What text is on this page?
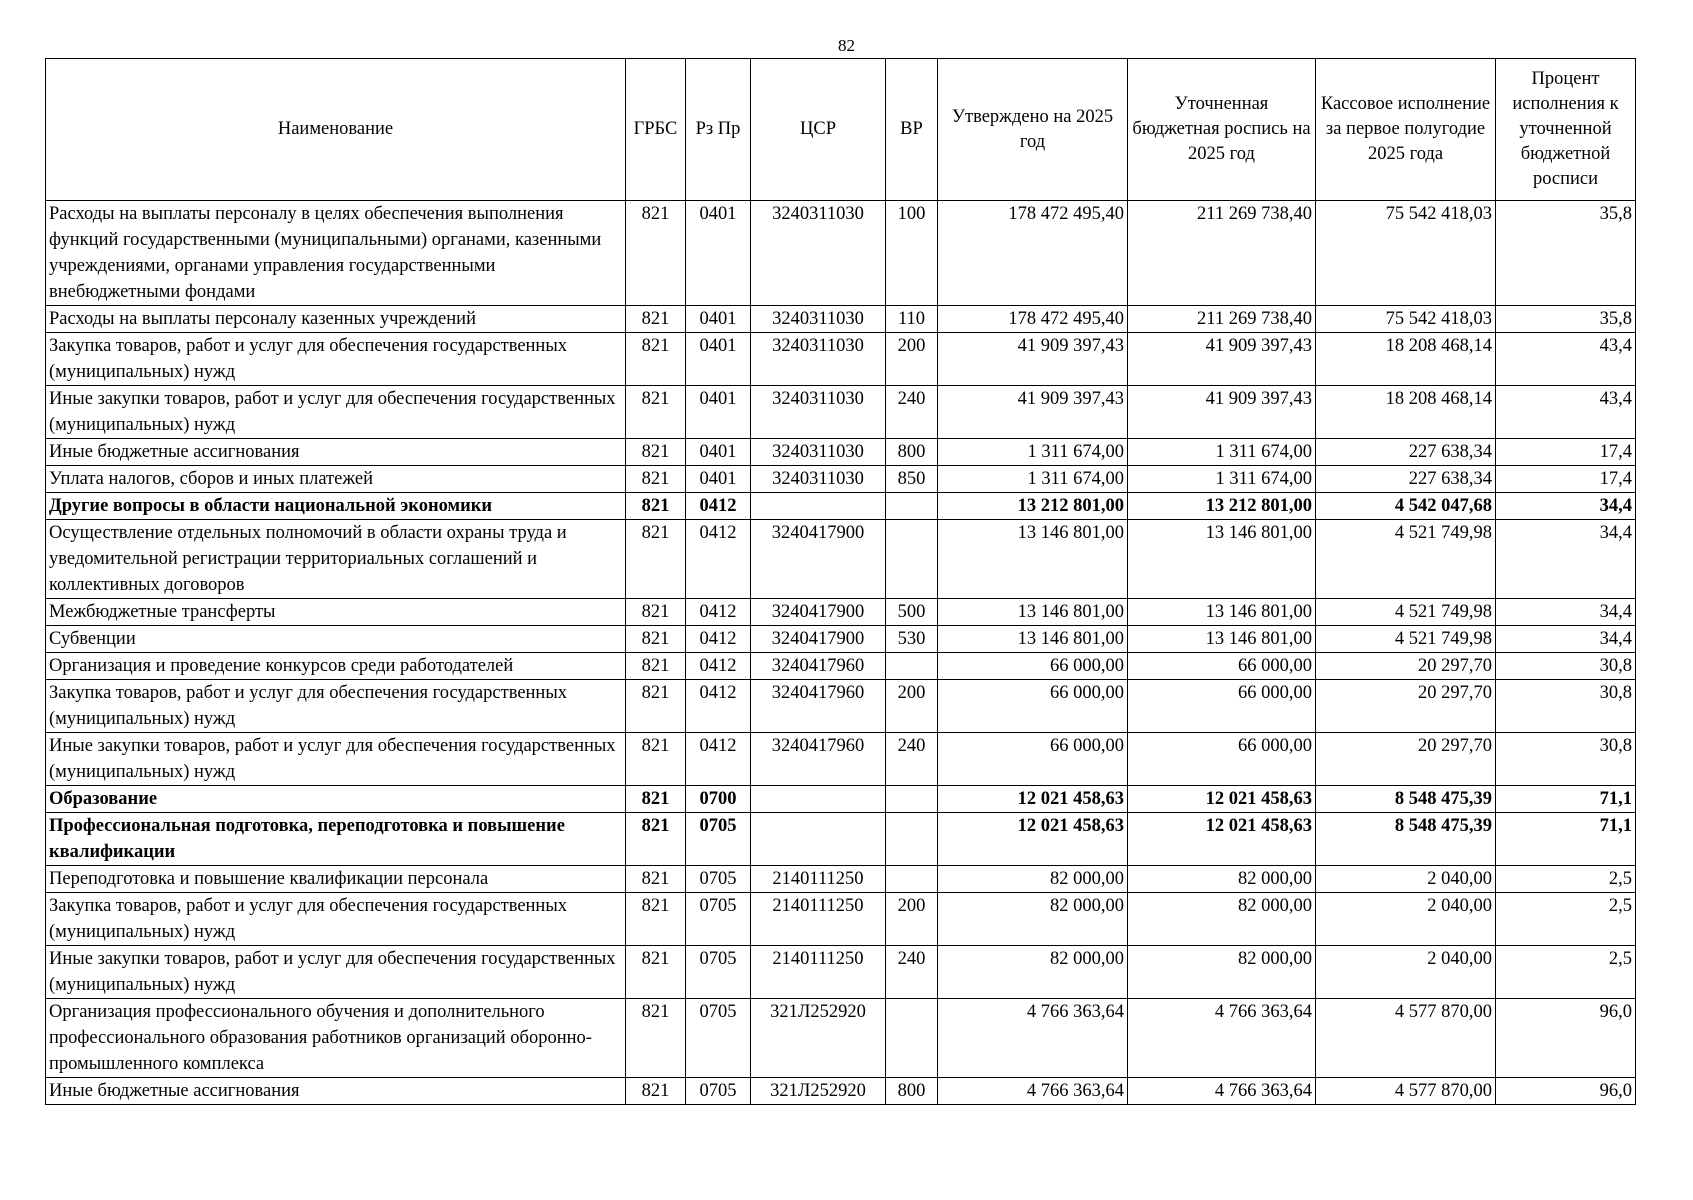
82
Наименование	ГРБС	Рз Пр	ЦСР	ВР	Утверждено на 2025 год	Уточненная бюджетная роспись на 2025 год	Кассовое исполнение за первое полугодие 2025 года	Процент исполнения к уточненной бюджетной росписи
Расходы на выплаты персоналу в целях обеспечения выполнения функций государственными (муниципальными) органами, казенными учреждениями, органами управления государственными внебюджетными фондами	821	0401	3240311030	100	178 472 495,40	211 269 738,40	75 542 418,03	35,8
Расходы на выплаты персоналу казенных учреждений	821	0401	3240311030	110	178 472 495,40	211 269 738,40	75 542 418,03	35,8
Закупка товаров, работ и услуг для обеспечения государственных (муниципальных) нужд	821	0401	3240311030	200	41 909 397,43	41 909 397,43	18 208 468,14	43,4
Иные закупки товаров, работ и услуг для обеспечения государственных (муниципальных) нужд	821	0401	3240311030	240	41 909 397,43	41 909 397,43	18 208 468,14	43,4
Иные бюджетные ассигнования	821	0401	3240311030	800	1 311 674,00	1 311 674,00	227 638,34	17,4
Уплата налогов, сборов и иных платежей	821	0401	3240311030	850	1 311 674,00	1 311 674,00	227 638,34	17,4
Другие вопросы в области национальной экономики	821	0412			13 212 801,00	13 212 801,00	4 542 047,68	34,4
Осуществление отдельных полномочий в области охраны труда и уведомительной регистрации территориальных соглашений и коллективных договоров	821	0412	3240417900		13 146 801,00	13 146 801,00	4 521 749,98	34,4
Межбюджетные трансферты	821	0412	3240417900	500	13 146 801,00	13 146 801,00	4 521 749,98	34,4
Субвенции	821	0412	3240417900	530	13 146 801,00	13 146 801,00	4 521 749,98	34,4
Организация и проведение конкурсов среди работодателей	821	0412	3240417960		66 000,00	66 000,00	20 297,70	30,8
Закупка товаров, работ и услуг для обеспечения государственных (муниципальных) нужд	821	0412	3240417960	200	66 000,00	66 000,00	20 297,70	30,8
Иные закупки товаров, работ и услуг для обеспечения государственных (муниципальных) нужд	821	0412	3240417960	240	66 000,00	66 000,00	20 297,70	30,8
Образование	821	0700			12 021 458,63	12 021 458,63	8 548 475,39	71,1
Профессиональная подготовка, переподготовка и повышение квалификации	821	0705			12 021 458,63	12 021 458,63	8 548 475,39	71,1
Переподготовка и повышение квалификации персонала	821	0705	2140111250		82 000,00	82 000,00	2 040,00	2,5
Закупка товаров, работ и услуг для обеспечения государственных (муниципальных) нужд	821	0705	2140111250	200	82 000,00	82 000,00	2 040,00	2,5
Иные закупки товаров, работ и услуг для обеспечения государственных (муниципальных) нужд	821	0705	2140111250	240	82 000,00	82 000,00	2 040,00	2,5
Организация профессионального обучения и дополнительного профессионального образования работников организаций оборонно-промышленного комплекса	821	0705	321Л252920		4 766 363,64	4 766 363,64	4 577 870,00	96,0
Иные бюджетные ассигнования	821	0705	321Л252920	800	4 766 363,64	4 766 363,64	4 577 870,00	96,0
